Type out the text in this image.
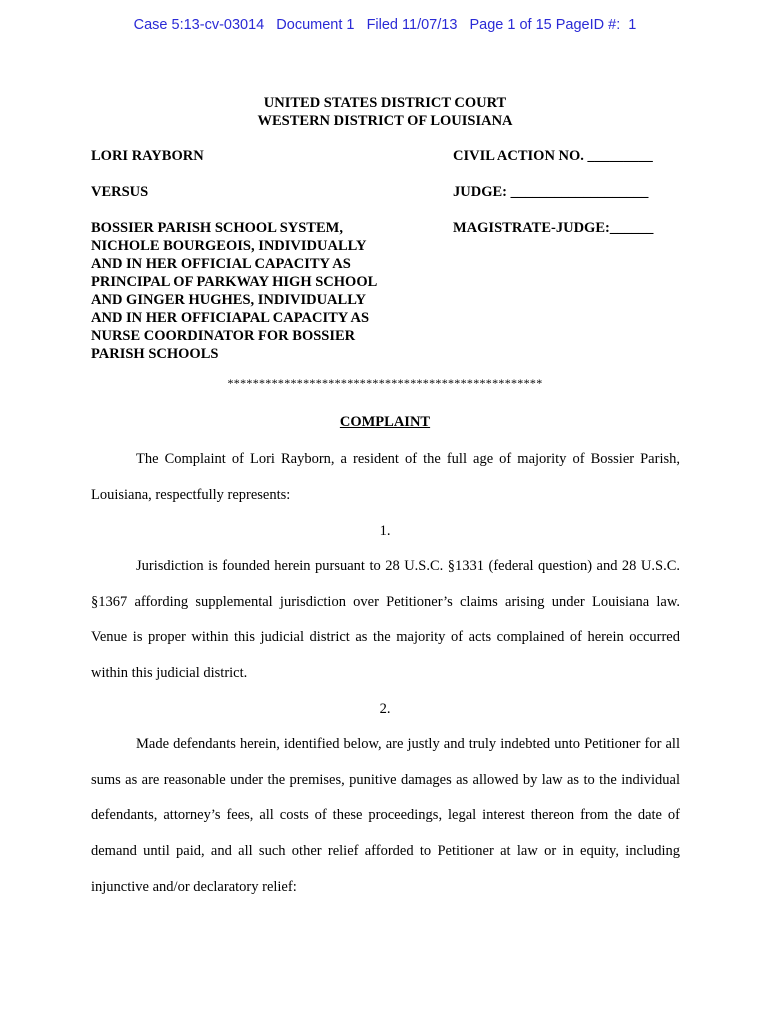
Case 5:13-cv-03014   Document 1   Filed 11/07/13   Page 1 of 15 PageID #:  1
UNITED STATES DISTRICT COURT
WESTERN DISTRICT OF LOUISIANA
LORI RAYBORN
VERSUS
BOSSIER PARISH SCHOOL SYSTEM,
NICHOLE BOURGEOIS, INDIVIDUALLY
AND IN HER OFFICIAL CAPACITY AS
PRINCIPAL OF PARKWAY HIGH SCHOOL
AND GINGER HUGHES, INDIVIDUALLY
AND IN HER OFFICIAPAL CAPACITY AS
NURSE COORDINATOR FOR BOSSIER
PARISH SCHOOLS
CIVIL ACTION NO. _________
JUDGE: ___________________
MAGISTRATE-JUDGE:______
**************************************************
COMPLAINT
The Complaint of Lori Rayborn, a resident of the full age of majority of Bossier Parish, Louisiana, respectfully represents:
1.
Jurisdiction is founded herein pursuant to 28 U.S.C. §1331 (federal question) and 28 U.S.C. §1367 affording supplemental jurisdiction over Petitioner’s claims arising under Louisiana law. Venue is proper within this judicial district as the majority of acts complained of herein occurred within this judicial district.
2.
Made defendants herein, identified below, are justly and truly indebted unto Petitioner for all sums as are reasonable under the premises, punitive damages as allowed by law as to the individual defendants, attorney’s fees, all costs of these proceedings, legal interest thereon from the date of demand until paid, and all such other relief afforded to Petitioner at law or in equity, including injunctive and/or declaratory relief:
